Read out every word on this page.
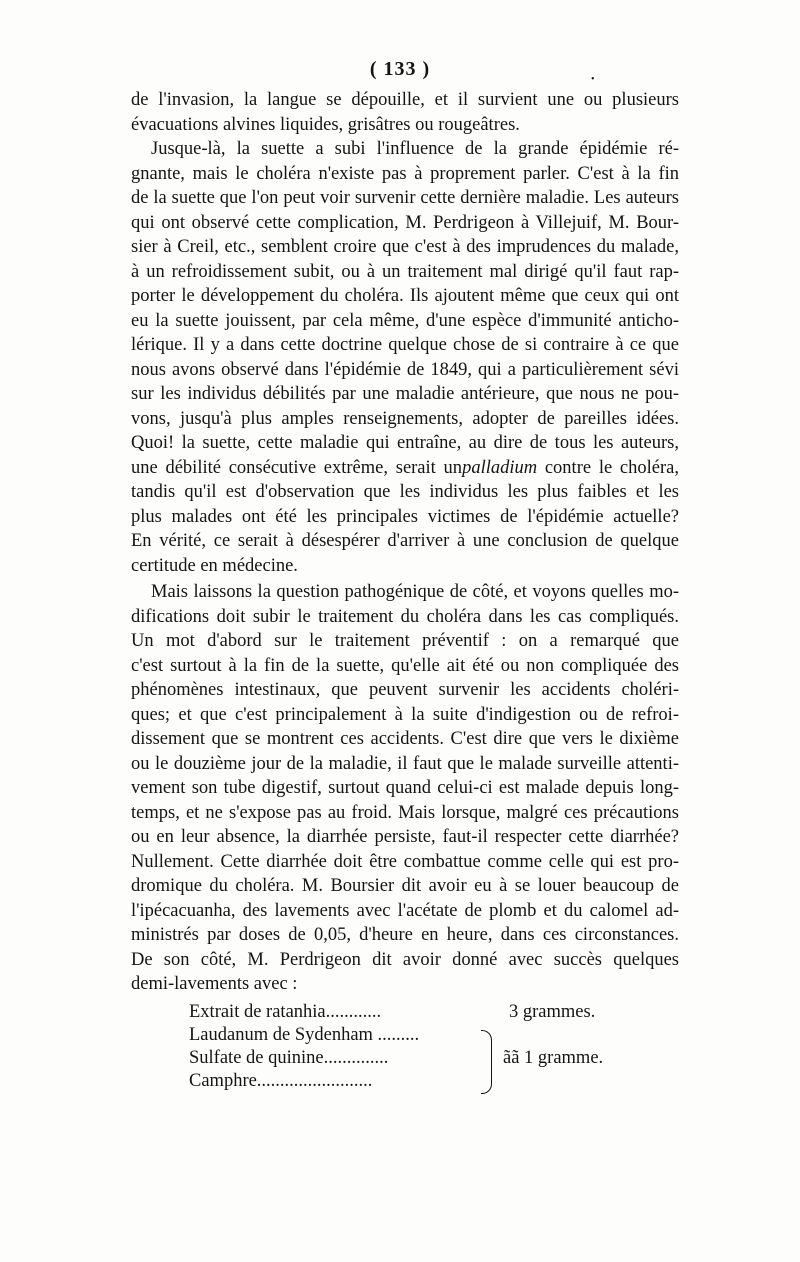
( 133 )	•
de l'invasion, la langue se dépouille, et il survient une ou plusieurs
évacuations alvines liquides, grisâtres ou rougeâtres.
Jusque-là, la suette a subi l'influence de la grande épidémie ré-
gnante, mais le choléra n'existe pas à proprement parler. C'est à la fin
de la suette que l'on peut voir survenir cette dernière maladie. Les auteurs
qui ont observé cette complication, M. Perdrigeon à Villejuif, M. Bour-
sier à Creil, etc., semblent croire que c'est à des imprudences du malade,
à un refroidissement subit, ou à un traitement mal dirigé qu'il faut rap-
porter le développement du choléra. Ils ajoutent même que ceux qui ont
eu la suette jouissent, par cela même, d'une espèce d'immunité anticho-
lérique. Il y a dans cette doctrine quelque chose de si contraire à ce que
nous avons observé dans l'épidémie de 1849, qui a particulièrement sévi
sur les individus débilités par une maladie antérieure, que nous ne pou-
vons, jusqu'à plus amples renseignements, adopter de pareilles idées.
Quoi! la suette, cette maladie qui entraîne, au dire de tous les auteurs,
une débilité consécutive extrême, serait unpalladium contre le choléra,
tandis qu'il est d'observation que les individus les plus faibles et les
plus malades ont été les principales victimes de l'épidémie actuelle?
En vérité, ce serait à désespérer d'arriver à une conclusion de quelque
certitude en médecine.
Mais laissons la question pathogénique de côté, et voyons quelles mo-
difications doit subir le traitement du choléra dans les cas compliqués.
Un mot d'abord sur le traitement préventif : on a remarqué que
c'est surtout à la fin de la suette, qu'elle ait été ou non compliquée des
phénomènes intestinaux, que peuvent survenir les accidents choléri-
ques; et que c'est principalement à la suite d'indigestion ou de refroi-
dissement que se montrent ces accidents. C'est dire que vers le dixième
ou le douzième jour de la maladie, il faut que le malade surveille attenti-
vement son tube digestif, surtout quand celui-ci est malade depuis long-
temps, et ne s'expose pas au froid. Mais lorsque, malgré ces précautions
ou en leur absence, la diarrhée persiste, faut-il respecter cette diarrhée?
Nullement. Cette diarrhée doit être combattue comme celle qui est pro-
dromique du choléra. M. Boursier dit avoir eu à se louer beaucoup de
l'ipécacuanha, des lavements avec l'acétate de plomb et du calomel ad-
ministrés par doses de 0,05, d'heure en heure, dans ces circonstances.
De son côté, M. Perdrigeon dit avoir donné avec succès quelques
demi-lavements avec :
Extrait de ratanhia............	3 grammes.
Laudanum de Sydenham .........
Sulfate de quinine..............
Camphre.........................
ãã 1 gramme.
